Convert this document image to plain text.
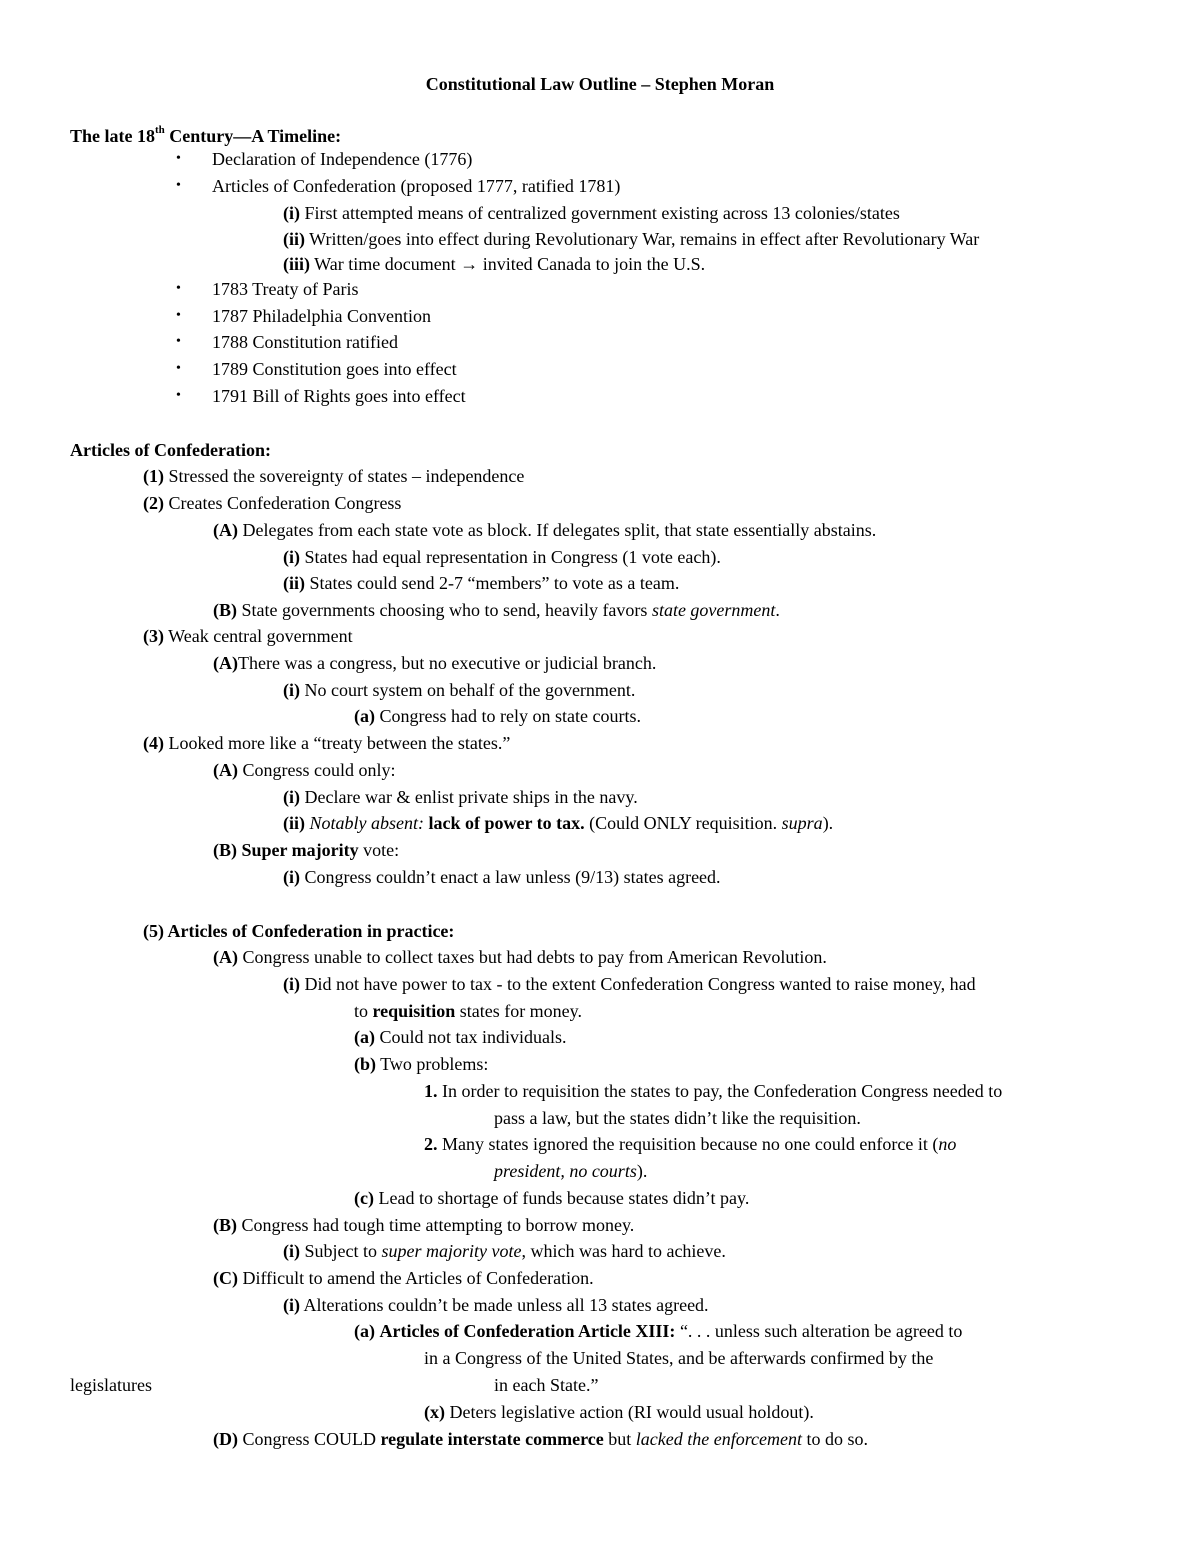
Constitutional Law Outline – Stephen Moran
The late 18th Century—A Timeline:
• Declaration of Independence (1776)
• Articles of Confederation (proposed 1777, ratified 1781)
(i) First attempted means of centralized government existing across 13 colonies/states
(ii) Written/goes into effect during Revolutionary War, remains in effect after Revolutionary War
(iii) War time document → invited Canada to join the U.S.
• 1783 Treaty of Paris
• 1787 Philadelphia Convention
• 1788 Constitution ratified
• 1789 Constitution goes into effect
• 1791 Bill of Rights goes into effect
Articles of Confederation:
(1) Stressed the sovereignty of states – independence
(2) Creates Confederation Congress
(A) Delegates from each state vote as block. If delegates split, that state essentially abstains.
(i) States had equal representation in Congress (1 vote each).
(ii) States could send 2-7 “members” to vote as a team.
(B) State governments choosing who to send, heavily favors state government.
(3) Weak central government
(A)There was a congress, but no executive or judicial branch.
(i) No court system on behalf of the government.
(a) Congress had to rely on state courts.
(4) Looked more like a “treaty between the states.”
(A) Congress could only:
(i) Declare war & enlist private ships in the navy.
(ii) Notably absent: lack of power to tax. (Could ONLY requisition. supra).
(B) Super majority vote:
(i) Congress couldn’t enact a law unless (9/13) states agreed.
(5) Articles of Confederation in practice:
(A) Congress unable to collect taxes but had debts to pay from American Revolution.
(i) Did not have power to tax - to the extent Confederation Congress wanted to raise money, had
to requisition states for money.
(a) Could not tax individuals.
(b) Two problems:
1. In order to requisition the states to pay, the Confederation Congress needed to
pass a law, but the states didn’t like the requisition.
2. Many states ignored the requisition because no one could enforce it (no
president, no courts).
(c) Lead to shortage of funds because states didn’t pay.
(B) Congress had tough time attempting to borrow money.
(i) Subject to super majority vote, which was hard to achieve.
(C) Difficult to amend the Articles of Confederation.
(i) Alterations couldn’t be made unless all 13 states agreed.
(a) Articles of Confederation Article XIII: “. . . unless such alteration be agreed to
in a Congress of the United States, and be afterwards confirmed by the
legislatures	in each State.”
(x) Deters legislative action (RI would usual holdout).
(D) Congress COULD regulate interstate commerce but lacked the enforcement to do so.
